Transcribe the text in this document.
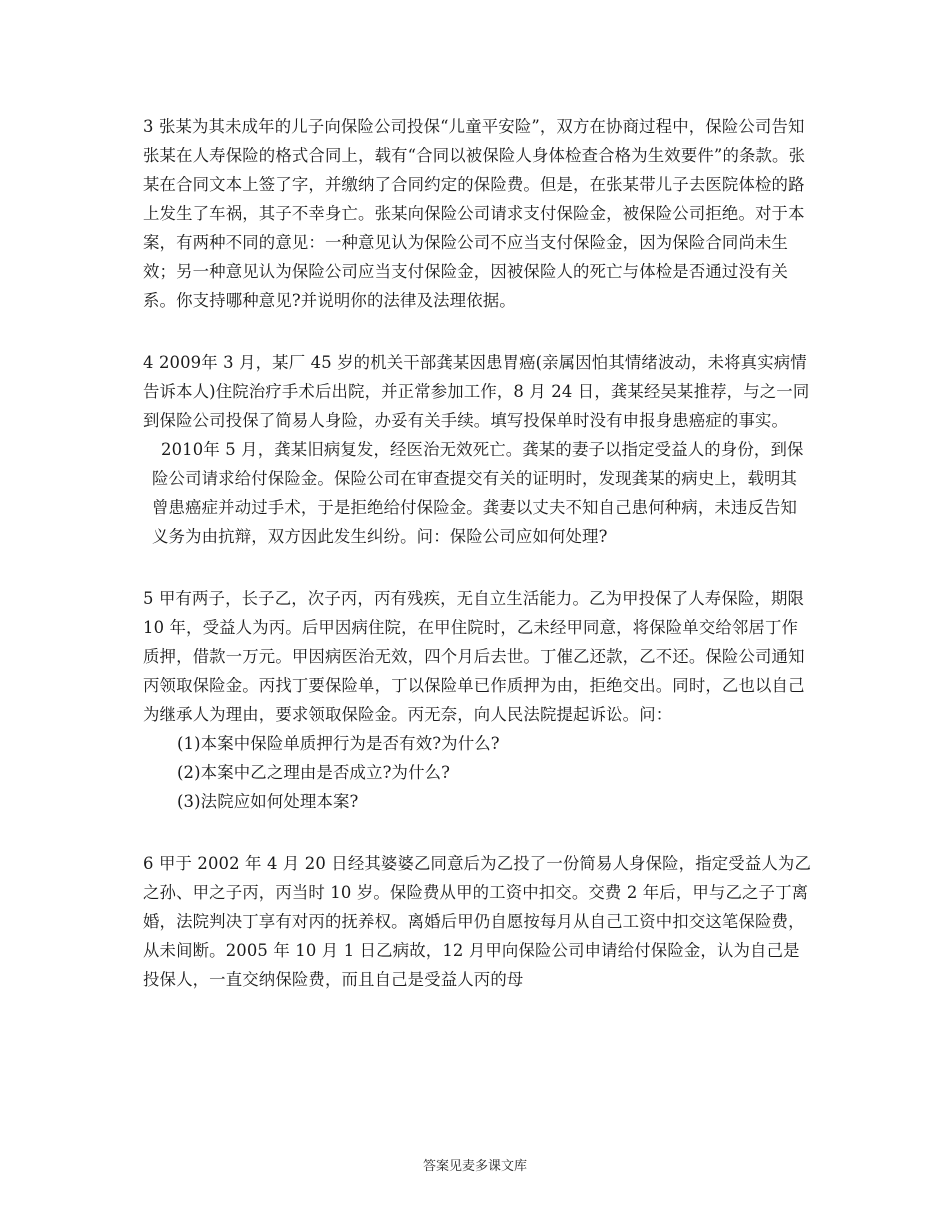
3 张某为其未成年的儿子向保险公司投保“儿童平安险”，双方在协商过程中，保险公司告知张某在人寿保险的格式合同上，载有“合同以被保险人身体检查合格为生效要件”的条款。张某在合同文本上签了字，并缴纳了合同约定的保险费。但是，在张某带儿子去医院体检的路上发生了车祸，其子不幸身亡。张某向保险公司请求支付保险金，被保险公司拒绝。对于本案，有两种不同的意见：一种意见认为保险公司不应当支付保险金，因为保险合同尚未生效；另一种意见认为保险公司应当支付保险金，因被保险人的死亡与体检是否通过没有关系。你支持哪种意见?并说明你的法律及法理依据。

4 2009年 3 月，某厂 45 岁的机关干部龚某因患胃癌(亲属因怕其情绪波动，未将真实病情告诉本人)住院治疗手术后出院，并正常参加工作，8 月 24 日，龚某经吴某推荐，与之一同到保险公司投保了简易人身险，办妥有关手续。填写投保单时没有申报身患癌症的事实。

2010年 5 月，龚某旧病复发，经医治无效死亡。龚某的妻子以指定受益人的身份，到保险公司请求给付保险金。保险公司在审查提交有关的证明时，发现龚某的病史上，载明其曾患癌症并动过手术，于是拒绝给付保险金。龚妻以丈夫不知自己患何种病，未违反告知义务为由抗辩，双方因此发生纠纷。问：保险公司应如何处理?

5 甲有两子，长子乙，次子丙，丙有残疾，无自立生活能力。乙为甲投保了人寿保险，期限 10 年，受益人为丙。后甲因病住院，在甲住院时，乙未经甲同意，将保险单交给邻居丁作质押，借款一万元。甲因病医治无效，四个月后去世。丁催乙还款，乙不还。保险公司通知丙领取保险金。丙找丁要保险单，丁以保险单已作质押为由，拒绝交出。同时，乙也以自己为继承人为理由，要求领取保险金。丙无奈，向人民法院提起诉讼。问：

(1)本案中保险单质押行为是否有效?为什么?
(2)本案中乙之理由是否成立?为什么?
(3)法院应如何处理本案?

6 甲于 2002 年 4 月 20 日经其婆婆乙同意后为乙投了一份简易人身保险，指定受益人为乙之孙、甲之子丙，丙当时 10 岁。保险费从甲的工资中扣交。交费 2 年后，甲与乙之子丁离婚，法院判决丁享有对丙的抚养权。离婚后甲仍自愿按每月从自己工资中扣交这笔保险费，从未间断。2005 年 10 月 1 日乙病故，12 月甲向保险公司申请给付保险金，认为自己是投保人，一直交纳保险费，而且自己是受益人丙的母

答案见麦多课文库
